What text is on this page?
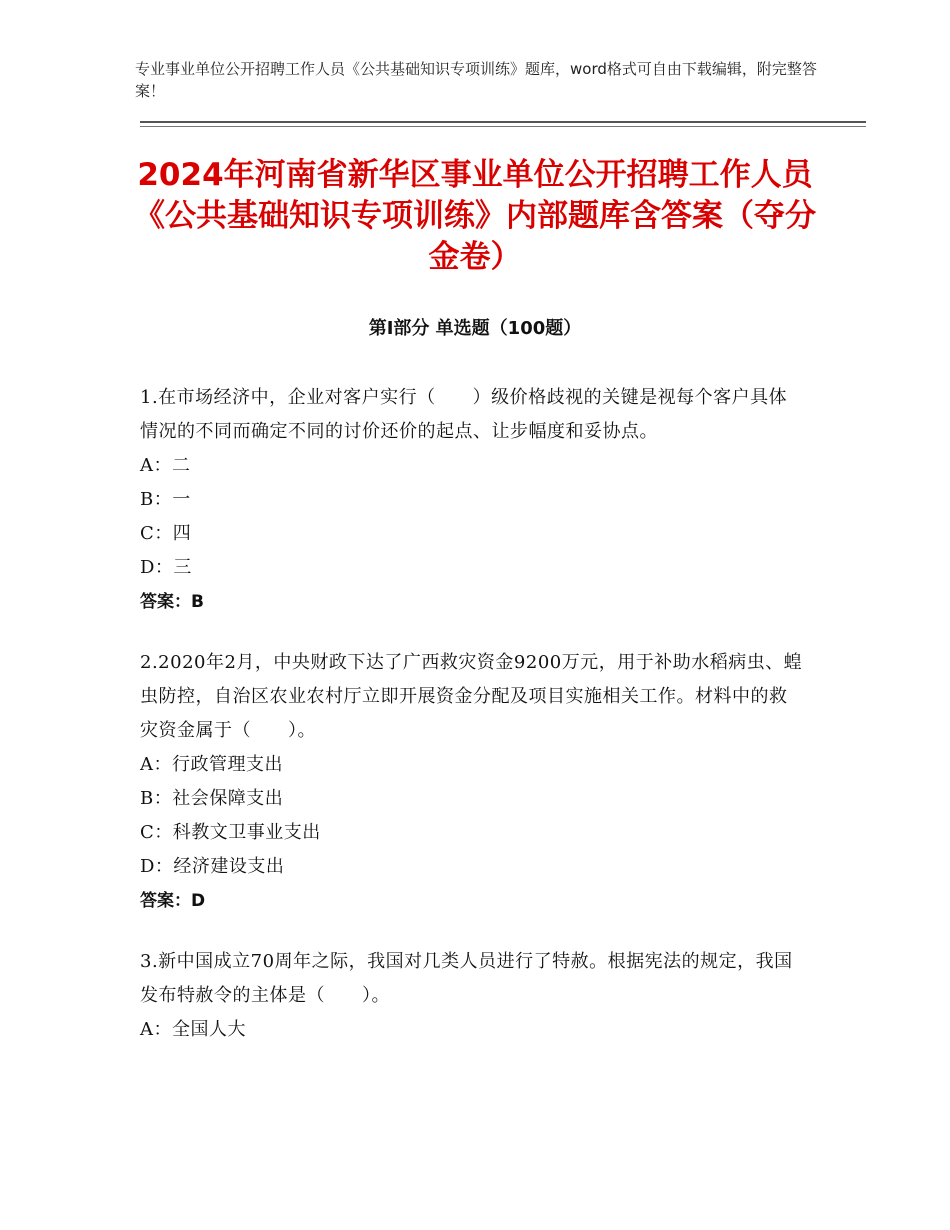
专业事业单位公开招聘工作人员《公共基础知识专项训练》题库，word格式可自由下载编辑，附完整答案！
2024年河南省新华区事业单位公开招聘工作人员《公共基础知识专项训练》内部题库含答案（夺分金卷）
第Ⅰ部分 单选题（100题）

1.在市场经济中，企业对客户实行（　　）级价格歧视的关键是视每个客户具体情况的不同而确定不同的讨价还价的起点、让步幅度和妥协点。

A：二

B：一

C：四

D：三

答案：B

2.2020年2月，中央财政下达了广西救灾资金9200万元，用于补助水稻病虫、蝗虫防控，自治区农业农村厅立即开展资金分配及项目实施相关工作。材料中的救灾资金属于（　　）。

A：行政管理支出

B：社会保障支出

C：科教文卫事业支出

D：经济建设支出

答案：D

3.新中国成立70周年之际，我国对几类人员进行了特赦。根据宪法的规定，我国发布特赦令的主体是（　　）。

A：全国人大
